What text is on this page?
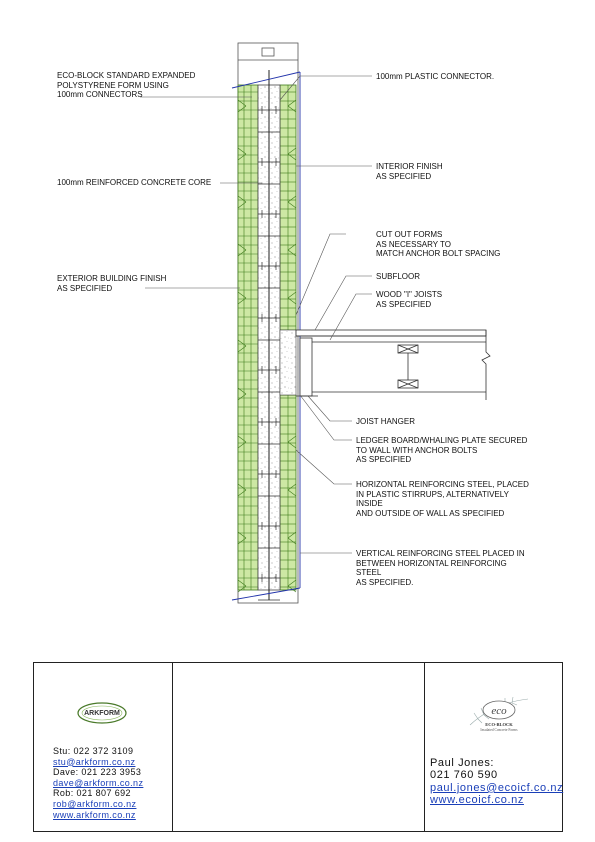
ECO-BLOCK STANDARD EXPANDED
POLYSTYRENE FORM USING
100mm CONNECTORS
100mm REINFORCED CONCRETE CORE
EXTERIOR BUILDING FINISH
AS SPECIFIED
100mm PLASTIC CONNECTOR.
INTERIOR FINISH
AS SPECIFIED
CUT OUT FORMS
AS NECESSARY TO
MATCH ANCHOR BOLT SPACING
SUBFLOOR
WOOD "I" JOISTS
AS SPECIFIED
JOIST HANGER
LEDGER BOARD/WHALING PLATE SECURED
TO WALL WITH ANCHOR BOLTS
AS SPECIFIED
HORIZONTAL REINFORCING STEEL, PLACED
IN PLASTIC STIRRUPS, ALTERNATIVELY
INSIDE
AND OUTSIDE OF WALL AS SPECIFIED
VERTICAL REINFORCING STEEL PLACED IN
BETWEEN HORIZONTAL REINFORCING
STEEL
AS SPECIFIED.
ARKFORM
Stu: 022 372 3109
stu@arkform.co.nz
Dave: 021 223 3953
dave@arkform.co.nz
Rob: 021 807 692
rob@arkform.co.nz
www.arkform.co.nz
eco
ECO-BLOCK
Insulated Concrete Forms
Paul Jones:
021 760 590
paul.jones@ecoicf.co.nz
www.ecoicf.co.nz
